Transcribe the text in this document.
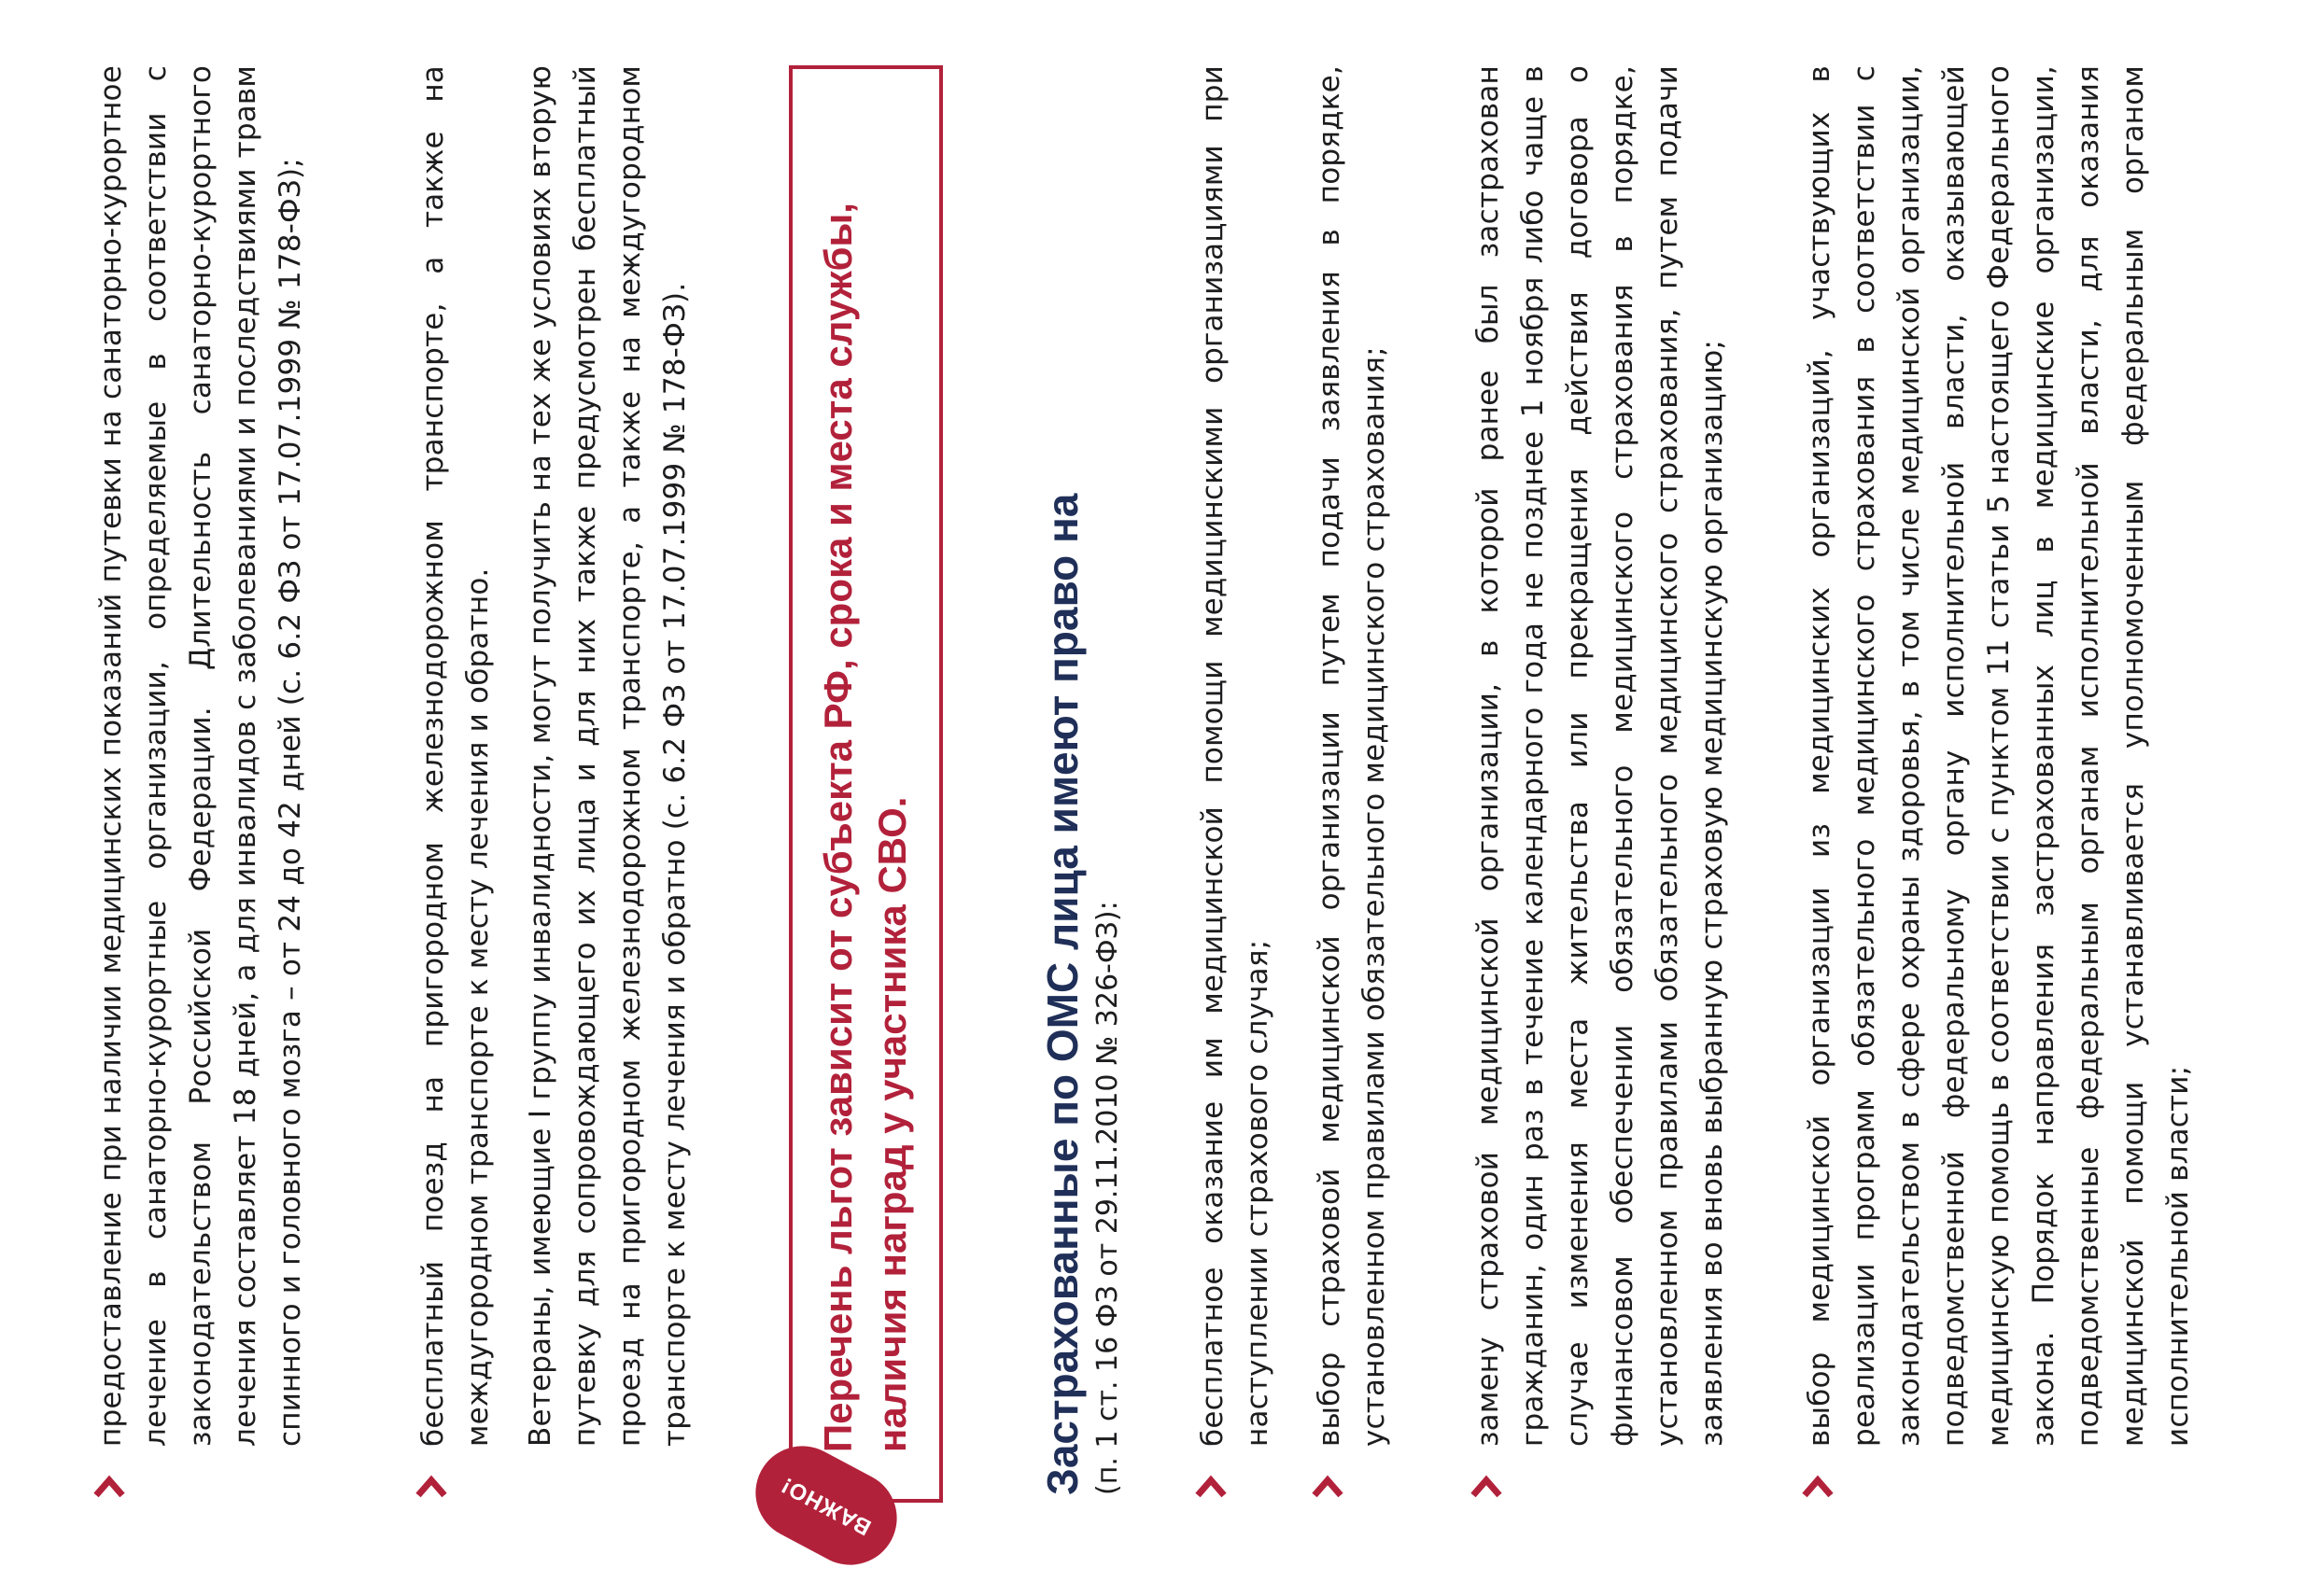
предоставление при наличии медицинских показаний путевки на санаторно-курортное лечение в санаторно-курортные организации, определяемые в соответствии с законодательством Российской Федерации. Длительность санаторно-курортного лечения составляет 18 дней, а для инвалидов с заболеваниями и последствиями травм спинного и головного мозга – от 24 до 42 дней (с. 6.2 ФЗ от 17.07.1999 № 178-ФЗ);	бесплатный поезд на пригородном железнодорожном транспорте, а также на междугородном транспорте к месту лечения и обратно. Ветераны, имеющие I группу инвалидности, могут получить на тех же условиях вторую путевку для сопровождающего их лица и для них также предусмотрен бесплатный проезд на пригородном железнодорожном транспорте, а также на междугородном транспорте к месту лечения и обратно (с. 6.2 ФЗ от 17.07.1999 № 178-ФЗ).	Перечень льгот зависит от субъекта РФ, срока и места службы, наличия наград у участника СВО.
ВАЖНО!

Застрахованные по ОМС лица имеют право на (п. 1 ст. 16 ФЗ от 29.11.2010 № 326-ФЗ): бесплатное оказание им медицинской помощи медицинскими организациями при наступлении страхового случая; выбор страховой медицинской организации путем подачи заявления в порядке, установленном правилами обязательного медицинского страхования;	замену страховой медицинской организации, в которой ранее был застрахован гражданин, один раз в течение календарного года не позднее 1 ноября либо чаще в случае изменения места жительства или прекращения действия договора о финансовом обеспечении обязательного медицинского страхования в порядке, установленном правилами обязательного медицинского страхования, путем подачи заявления во вновь выбранную страховую медицинскую организацию;	выбор медицинской организации из медицинских организаций, участвующих в реализации программ обязательного медицинского страхования в соответствии с законодательством в сфере охраны здоровья, в том числе медицинской организации, подведомственной федеральному органу исполнительной власти, оказывающей медицинскую помощь в соответствии с пунктом 11 статьи 5 настоящего Федерального закона. Порядок направления застрахованных лиц в медицинские организации, подведомственные федеральным органам исполнительной власти, для оказания медицинской помощи устанавливается уполномоченным федеральным органом исполнительной власти;
